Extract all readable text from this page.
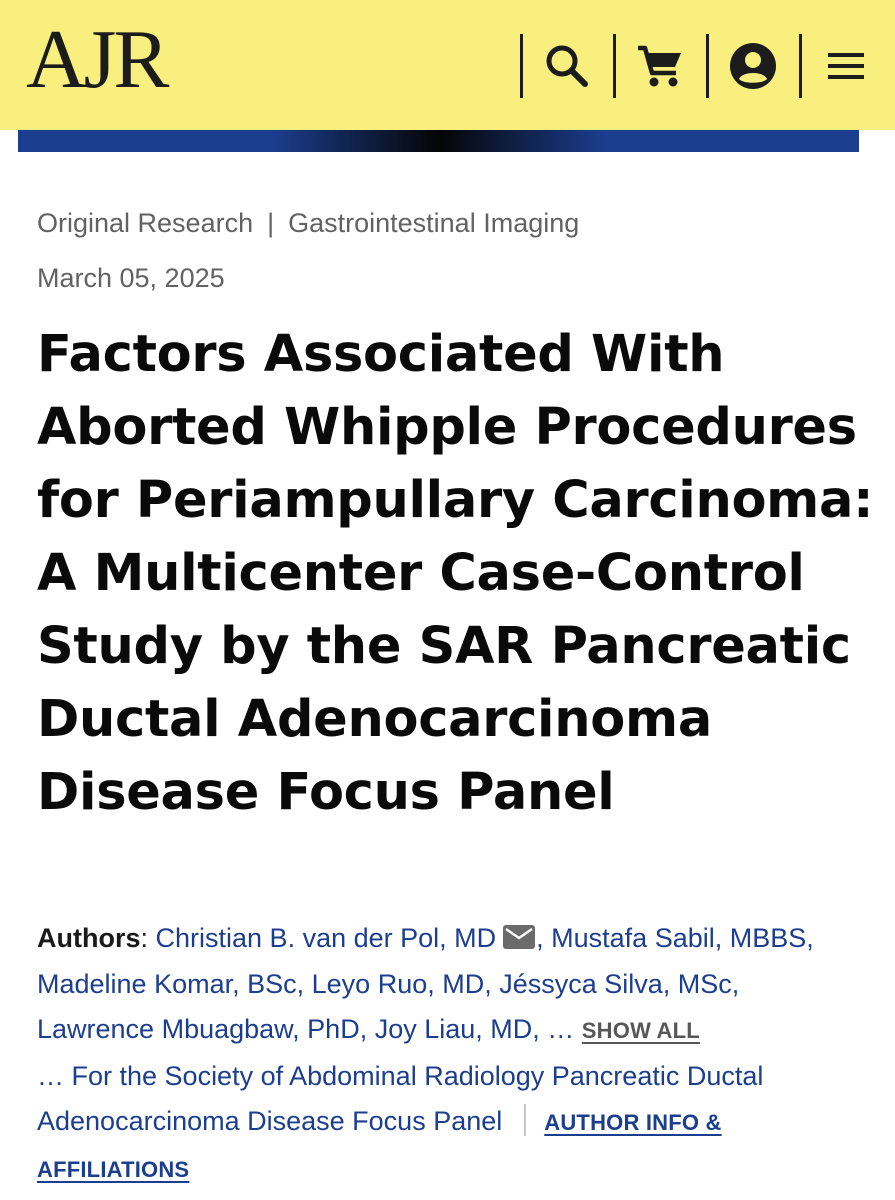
AJR
Original Research | Gastrointestinal Imaging
March 05, 2025
Factors Associated With Aborted Whipple Procedures for Periampullary Carcinoma: A Multicenter Case-Control Study by the SAR Pancreatic Ductal Adenocarcinoma Disease Focus Panel
Authors: Christian B. van der Pol, MD , Mustafa Sabil, MBBS, Madeline Komar, BSc, Leyo Ruo, MD, Jéssyca Silva, MSc, Lawrence Mbuagbaw, PhD, Joy Liau, MD, … SHOW ALL
… For the Society of Abdominal Radiology Pancreatic Ductal Adenocarcinoma Disease Focus Panel AUTHOR INFO & AFFILIATIONS
